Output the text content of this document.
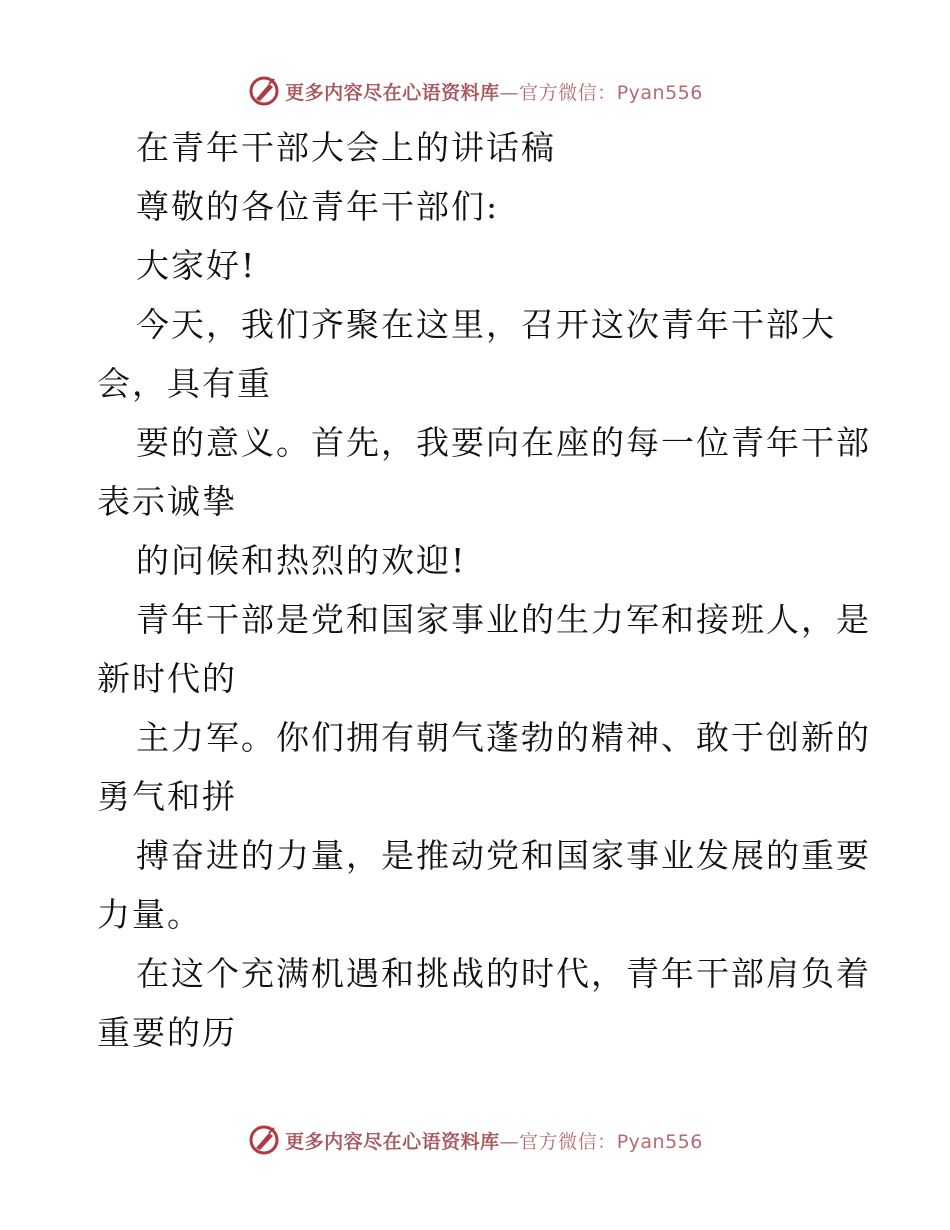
更多内容尽在心语资料库—官方微信：Pyan556
在青年干部大会上的讲话稿
尊敬的各位青年干部们:
大家好!
今天，我们齐聚在这里，召开这次青年干部大
会，具有重
要的意义。首先，我要向在座的每一位青年干部
表示诚挚
的问候和热烈的欢迎!
青年干部是党和国家事业的生力军和接班人，是
新时代的
主力军。你们拥有朝气蓬勃的精神、敢于创新的
勇气和拼
搏奋进的力量，是推动党和国家事业发展的重要
力量。
在这个充满机遇和挑战的时代，青年干部肩负着
重要的历
更多内容尽在心语资料库—官方微信：Pyan556
